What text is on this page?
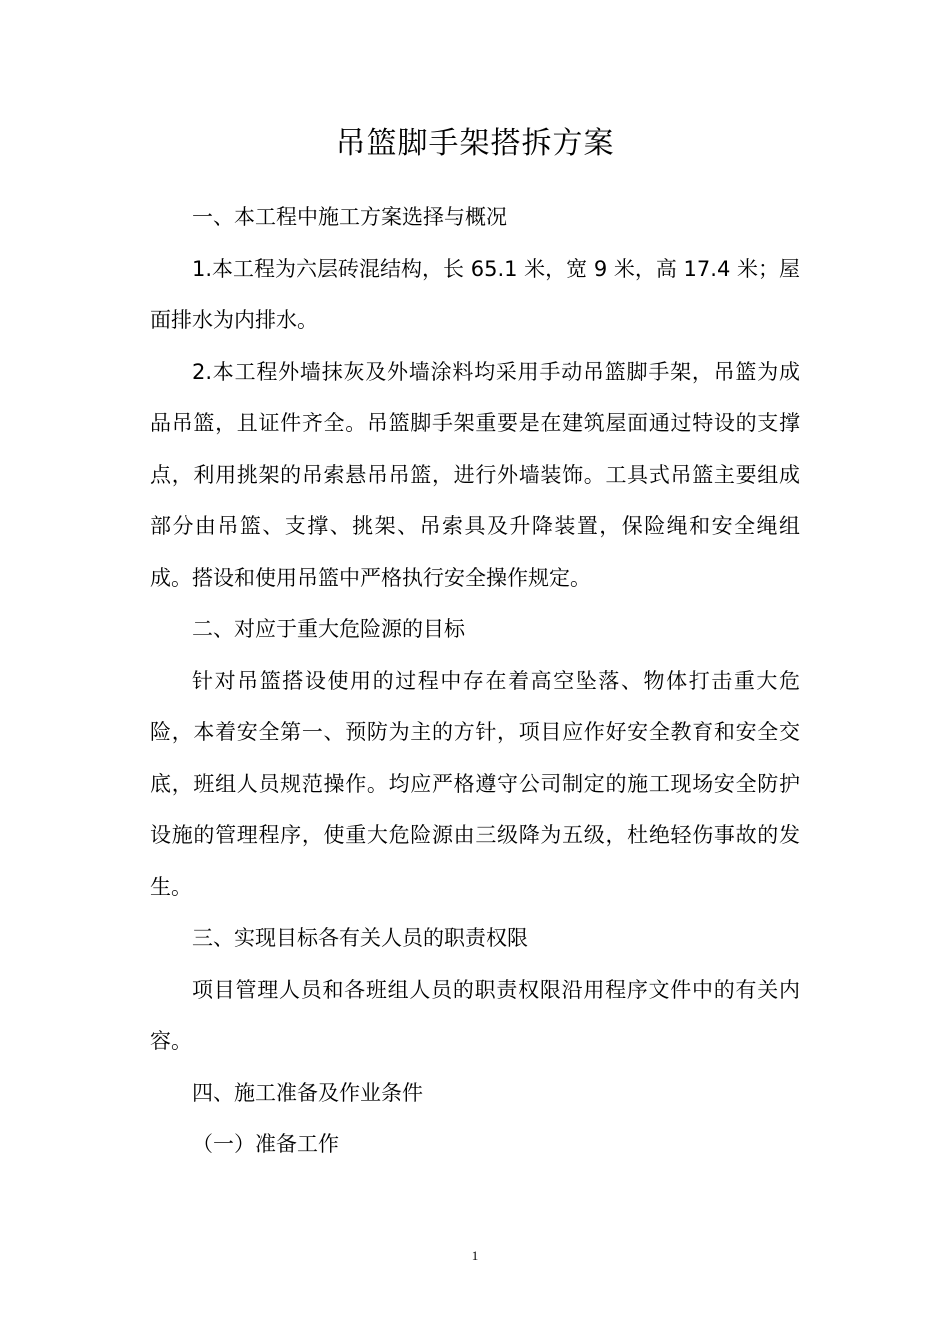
吊篮脚手架搭拆方案

一、本工程中施工方案选择与概况

1.本工程为六层砖混结构，长 65.1 米，宽 9 米，高 17.4 米；屋面排水为内排水。

2.本工程外墙抹灰及外墙涂料均采用手动吊篮脚手架，吊篮为成品吊篮，且证件齐全。吊篮脚手架重要是在建筑屋面通过特设的支撑点，利用挑架的吊索悬吊吊篮，进行外墙装饰。工具式吊篮主要组成部分由吊篮、支撑、挑架、吊索具及升降装置，保险绳和安全绳组成。搭设和使用吊篮中严格执行安全操作规定。

二、对应于重大危险源的目标

针对吊篮搭设使用的过程中存在着高空坠落、物体打击重大危险，本着安全第一、预防为主的方针，项目应作好安全教育和安全交底，班组人员规范操作。均应严格遵守公司制定的施工现场安全防护设施的管理程序，使重大危险源由三级降为五级，杜绝轻伤事故的发生。

三、实现目标各有关人员的职责权限

项目管理人员和各班组人员的职责权限沿用程序文件中的有关内容。

四、施工准备及作业条件

（一）准备工作

1
